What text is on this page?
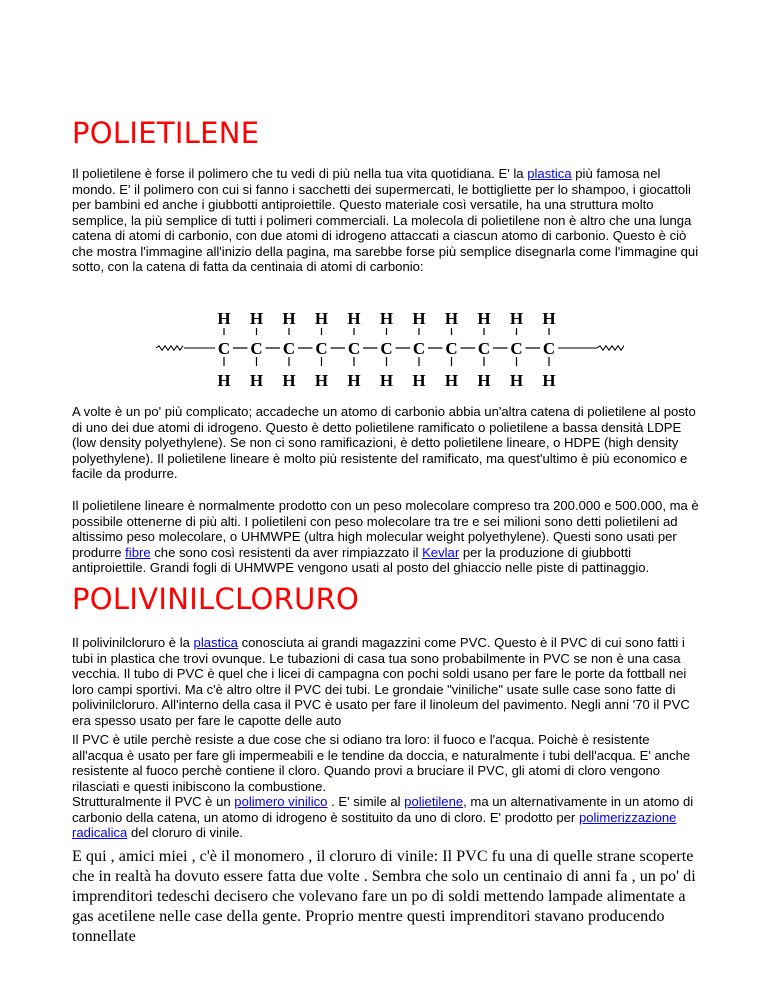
POLIETILENE

Il polietilene è forse il polimero che tu vedi di più nella tua vita quotidiana. E' la plastica più famosa nel mondo. E' il polimero con cui si fanno i sacchetti dei supermercati, le bottigliette per lo shampoo, i giocattoli per bambini ed anche i giubbotti antiproiettile. Questo materiale così versatile, ha una struttura molto semplice, la più semplice di tutti i polimeri commerciali. La molecola di polietilene non è altro che una lunga catena di atomi di carbonio, con due atomi di idrogeno attaccati a ciascun atomo di carbonio. Questo è ciò che mostra l'immagine all'inizio della pagina, ma sarebbe forse più semplice disegnarla come l'immagine qui sotto, con la catena di fatta da centinaia di atomi di carbonio:

H
C
H
H
C
H
H
C
H
H
C
H
H
C
H
H
C
H
H
C
H
H
C
H
H
C
H
H
C
H
H
C
H

A volte è un po' più complicato; accadeche un atomo di carbonio abbia un'altra catena di polietilene al posto di uno dei due atomi di idrogeno. Questo è detto polietilene ramificato o polietilene a bassa densità LDPE (low density polyethylene). Se non ci sono ramificazioni, è detto polietilene lineare, o HDPE (high density polyethylene). Il polietilene lineare è molto più resistente del ramificato, ma quest'ultimo è più economico e facile da produrre.

Il polietilene lineare è normalmente prodotto con un peso molecolare compreso tra 200.000 e 500.000, ma è possibile ottenerne di più alti. I polietileni con peso molecolare tra tre e sei milioni sono detti polietileni ad altissimo peso molecolare, o UHMWPE (ultra high molecular weight polyethylene). Questi sono usati per produrre fibre che sono così resistenti da aver rimpiazzato il Kevlar per la produzione di giubbotti antiproiettile. Grandi fogli di UHMWPE vengono usati al posto del ghiaccio nelle piste di pattinaggio.

POLIVINILCLORURO

Il polivinilcloruro è la plastica conosciuta ai grandi magazzini come PVC. Questo è il PVC di cui sono fatti i tubi in plastica che trovi ovunque. Le tubazioni di casa tua sono probabilmente in PVC se non è una casa vecchia. Il tubo di PVC è quel che i licei di campagna con pochi soldi usano per fare le porte da fottball nei loro campi sportivi. Ma c'è altro oltre il PVC dei tubi. Le grondaie "viniliche" usate sulle case sono fatte di polivinilcloruro. All'interno della casa il PVC è usato per fare il linoleum del pavimento. Negli anni '70 il PVC era spesso usato per fare le capotte delle auto

Il PVC è utile perchè resiste a due cose che si odiano tra loro: il fuoco e l'acqua. Poichè è resistente all'acqua è usato per fare gli impermeabili e le tendine da doccia, e naturalmente i tubi dell'acqua. E' anche resistente al fuoco perchè contiene il cloro. Quando provi a bruciare il PVC, gli atomi di cloro vengono rilasciati e questi inibiscono la combustione.
Strutturalmente il PVC è un polimero vinilico . E' simile al polietilene, ma un alternativamente in un atomo di carbonio della catena, un atomo di idrogeno è sostituito da uno di cloro. E' prodotto per polimerizzazione radicalica del cloruro di vinile.

E qui , amici miei , c'è il monomero , il cloruro di vinile: Il PVC fu una di quelle strane scoperte che in realtà ha dovuto essere fatta due volte . Sembra che solo un centinaio di anni fa , un po' di imprenditori tedeschi decisero che volevano fare un po di soldi mettendo lampade alimentate a gas acetilene nelle case della gente. Proprio mentre questi imprenditori stavano producendo tonnellate
